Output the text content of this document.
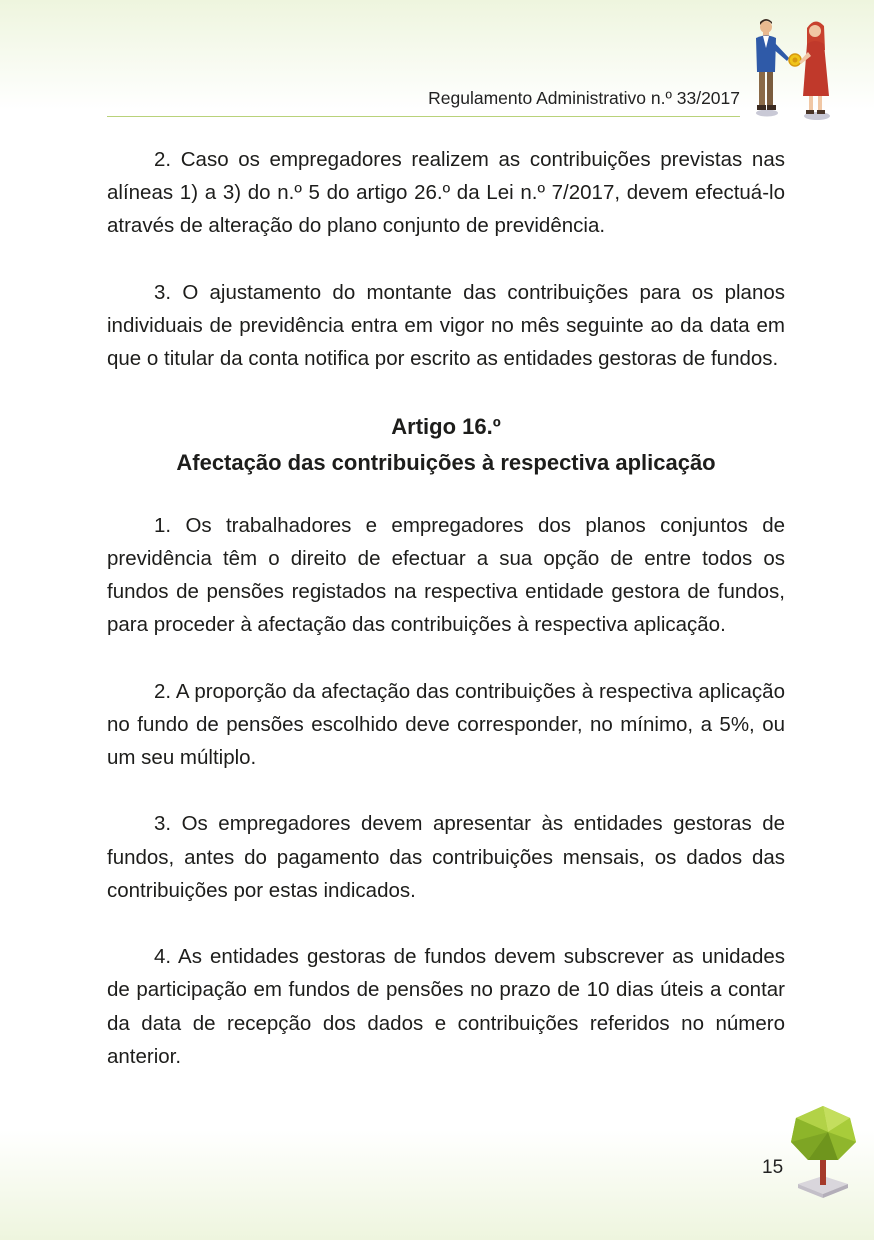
Regulamento Administrativo n.º 33/2017

2. Caso os empregadores realizem as contribuições previstas nas alíneas 1) a 3) do n.º 5 do artigo 26.º da Lei n.º 7/2017, devem efectuá-lo através de alteração do plano conjunto de previdência.

3. O ajustamento do montante das contribuições para os planos individuais de previdência entra em vigor no mês seguinte ao da data em que o titular da conta notifica por escrito as entidades gestoras de fundos.

Artigo 16.º
Afectação das contribuições à respectiva aplicação

1. Os trabalhadores e empregadores dos planos conjuntos de previdência têm o direito de efectuar a sua opção de entre todos os fundos de pensões registados na respectiva entidade gestora de fundos, para proceder à afectação das contribuições à respectiva aplicação.

2. A proporção da afectação das contribuições à respectiva aplicação no fundo de pensões escolhido deve corresponder, no mínimo, a 5%, ou um seu múltiplo.

3. Os empregadores devem apresentar às entidades gestoras de fundos, antes do pagamento das contribuições mensais, os dados das contribuições por estas indicados.

4. As entidades gestoras de fundos devem subscrever as unidades de participação em fundos de pensões no prazo de 10 dias úteis a contar da data de recepção dos dados e contribuições referidos no número anterior.

15
